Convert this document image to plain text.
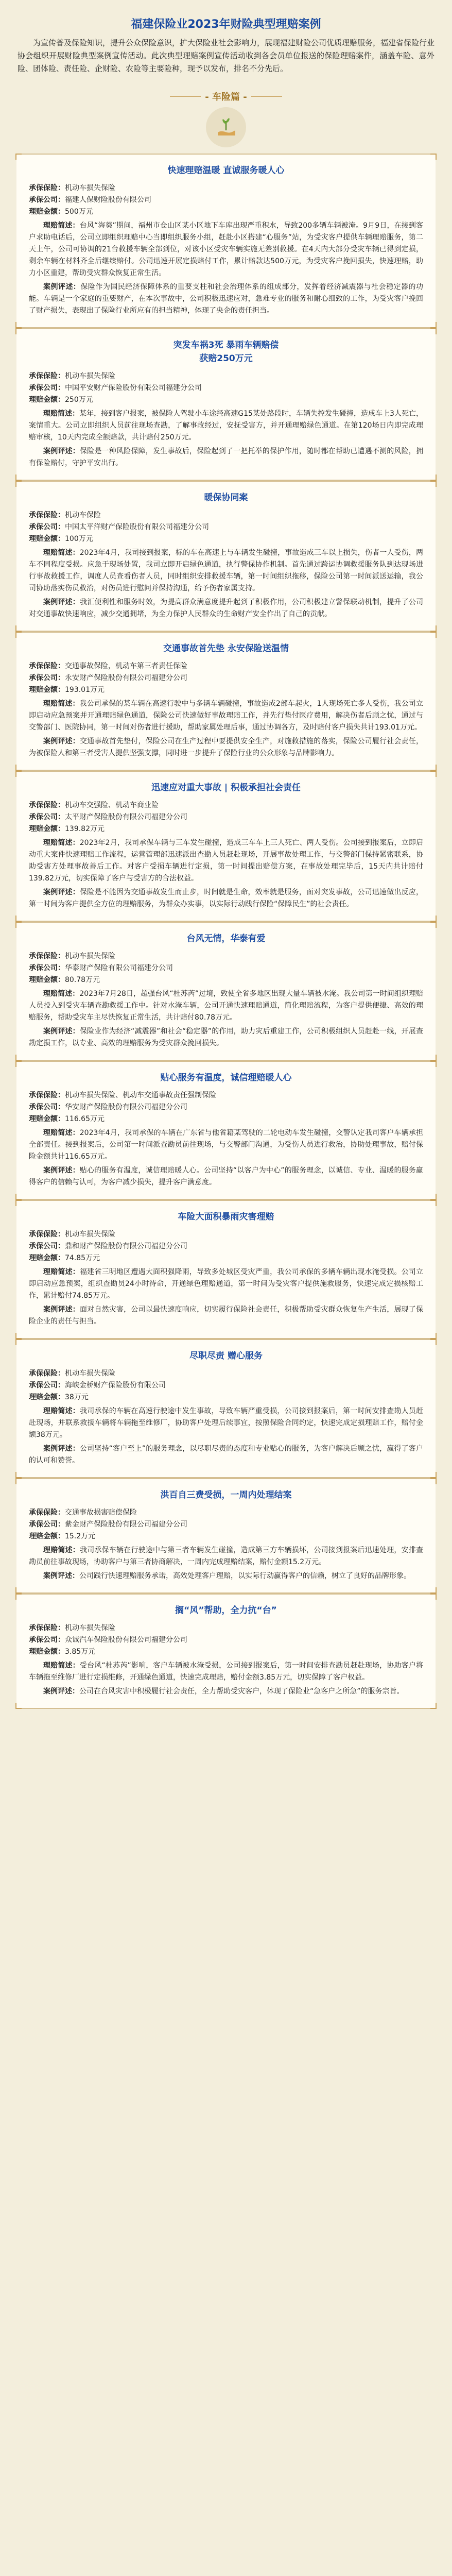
福建保险业2023年财险典型理赔案例

为宣传普及保险知识，提升公众保险意识，扩大保险业社会影响力，展现福建财险公司优质理赔服务，福建省保险行业协会组织开展财险典型案例宣传活动。此次典型理赔案例宣传活动收到各会员单位报送的保险理赔案件，涵盖车险、意外险、团体险、责任险、企财险、农险等主要险种，现予以发布，排名不分先后。

- 车险篇 -
快速理赔温暖 直诚服务暖人心
承保保险：机动车损失保险
承保公司：福建人保财险股份有限公司
理赔金额：500万元

理赔简述：台风“海葵”期间，福州市仓山区某小区地下车库出现严重积水，导致200多辆车辆被淹。9月9日，在接到客户求助电话后，公司立即组织理赔中心当即组织服务小组，赶赴小区搭建“心服务”站，为受灾客户提供车辆理赔服务，第二天上午，公司可协调的21台救援车辆全部到位，对该小区受灾车辆实施无差别救援。在4天内大部分受灾车辆已得到定损，剩余车辆在材料齐全后继续赔付。公司迅速开展定损赔付工作，累计赔款达500万元，为受灾客户挽回损失，快速理赔，助力小区重建，帮助受灾群众恢复正常生活。

案例评述：保险作为国民经济保障体系的重要支柱和社会治理体系的组成部分，发挥着经济减震器与社会稳定器的功能。车辆是一个家庭的重要财产，在本次事故中，公司积极迅速应对，急难专业的服务和耐心细致的工作，为受灾客户挽回了财产损失，表现出了保险行业所应有的担当精神，体现了央企的责任担当。

突发车祸3死 暴雨车辆赔偿
获赔250万元
承保保险：机动车损失保险
承保公司：中国平安财产保险股份有限公司福建分公司
理赔金额：250万元

理赔简述：某年，接到客户报案，被保险人驾驶小车途经高速G15某处路段时，车辆失控发生碰撞，造成车上3人死亡，案情重大。公司立即组织人员前往现场查勘，了解事故经过，安抚受害方，并开通理赔绿色通道。在第120场日内即完成理赔审核，10天内完成全额赔款，共计赔付250万元。

案例评述：保险是一种风险保障，发生事故后，保险起到了一把托举的保护作用，随时都在帮助已遭遇不测的风险，拥有保险赔付，守护平安出行。

暖保协同案
承保保险：机动车保险
承保公司：中国太平洋财产保险股份有限公司福建分公司
理赔金额：100万元

理赔简述：2023年4月，我司接到报案，标的车在高速上与车辆发生碰撞，事故造成三车以上损失，伤者一人受伤，两车不同程度受损。应急于现场处置，我司立即开启绿色通道，执行警保协作机制。首先通过跨运协调救援服务队到达现场进行事故救援工作，调度人员查看伤者人员，同时组织安排救援车辆，第一时间组织拖移，保险公司第一时间派送运输，我公司协助落实伤员救治，对伤员进行慰问并保持沟通，给予伤者家属支持。

案例评述：我汇便利性和服务时效，为提高群众满意度提升起到了积极作用，公司积极建立警保联动机制，提升了公司对交通事故快速响应，减少交通拥堵，为全力保护人民群众的生命财产安全作出了自己的贡献。

交通事故首先垫 永安保险送温情
承保保险：交通事故保险，机动车第三者责任保险
承保公司：永安财产保险股份有限公司福建分公司
理赔金额：193.01万元

理赔简述：我公司承保的某车辆在高速行驶中与多辆车辆碰撞，事故造成2部车起火，1人现场死亡多人受伤，我公司立即启动应急预案并开通理赔绿色通道，保险公司快速做好事故理赔工作，并先行垫付医疗费用，解决伤者后顾之忧，通过与交警部门、医院协同，第一时间对伤者进行援助，帮助家属处理后事，通过协调各方，及时赔付客户损失共计193.01万元。

案例评述：交通事故首先垫付，保险公司在生产过程中要提供安全生产，对施救措施的落实，保险公司履行社会责任，为被保险人和第三者受害人提供坚强支撑，同时进一步提升了保险行业的公众形象与品牌影响力。

迅速应对重大事故 | 积极承担社会责任
承保保险：机动车交强险、机动车商业险
承保公司：太平财产保险股份有限公司福建分公司
理赔金额：139.82万元

理赔简述：2023年2月，我司承保车辆与三车发生碰撞，造成三车车上三人死亡、两人受伤。公司接到报案后，立即启动重大案件快速理赔工作流程，运营管理部迅速派出查勘人员赶赴现场，开展事故处理工作，与交警部门保持紧密联系，协助受害方处理事故善后工作。对客户受损车辆进行定损，第一时间提出赔偿方案，在事故处理完毕后，15天内共计赔付139.82万元，切实保障了客户与受害方的合法权益。

案例评述：保险是不能因为交通事故发生而止步，时间就是生命，效率就是服务，面对突发事故，公司迅速做出反应，第一时间为客户提供全方位的理赔服务，为群众办实事，以实际行动践行保险“保障民生”的社会责任。

台风无情，华泰有爱
承保保险：机动车损失保险
承保公司：华泰财产保险有限公司福建分公司
理赔金额：80.78万元

理赔简述：2023年7月28日，超强台风“杜苏芮”过境，致使全省多地区出现大量车辆被水淹。我公司第一时间组织理赔人员投入到受灾车辆查勘救援工作中。针对水淹车辆，公司开通快速理赔通道，简化理赔流程，为客户提供便捷、高效的理赔服务，帮助受灾车主尽快恢复正常生活，共计赔付80.78万元。

案例评述：保险业作为经济“减震器”和社会“稳定器”的作用，助力灾后重建工作，公司积极组织人员赶赴一线，开展查勘定损工作，以专业、高效的理赔服务为受灾群众挽回损失。

贴心服务有温度，诚信理赔暖人心
承保保险：机动车损失保险、机动车交通事故责任强制保险
承保公司：华安财产保险股份有限公司福建分公司
理赔金额：116.65万元

理赔简述：2023年4月，我司承保的车辆在广东省与他省籍某驾驶的二轮电动车发生碰撞，交警认定我司客户车辆承担全部责任。接到报案后，公司第一时间派查勘员前往现场，与交警部门沟通，为受伤人员进行救治，协助处理事故，赔付保险金额共计116.65万元。

案例评述：贴心的服务有温度，诚信理赔暖人心。公司坚持“以客户为中心”的服务理念，以诚信、专业、温暖的服务赢得客户的信赖与认可，为客户减少损失，提升客户满意度。

车险大面积暴雨灾害理赔
承保保险：机动车损失保险
承保公司：鼎和财产保险股份有限公司福建分公司
理赔金额：74.85万元

理赔简述：福建省三明地区遭遇大面积强降雨，导致多处城区受灾严重，我公司承保的多辆车辆出现水淹受损。公司立即启动应急预案，组织查勘员24小时待命，开通绿色理赔通道，第一时间为受灾客户提供施救服务，快速完成定损核赔工作，累计赔付74.85万元。

案例评述：面对自然灾害，公司以最快速度响应，切实履行保险社会责任，积极帮助受灾群众恢复生产生活，展现了保险企业的责任与担当。

尽职尽责 赠心服务
承保保险：机动车损失保险
承保公司：海峡金桥财产保险股份有限公司
理赔金额：38万元

理赔简述：我司承保的车辆在高速行驶途中发生事故，导致车辆严重受损，公司接到报案后，第一时间安排查勘人员赶赴现场，并联系救援车辆将车辆拖至维修厂，协助客户处理后续事宜，按照保险合同约定，快速完成定损理赔工作，赔付金额38万元。

案例评述：公司坚持“客户至上”的服务理念，以尽职尽责的态度和专业贴心的服务，为客户解决后顾之忧，赢得了客户的认可和赞誉。

洪百自三费受损，一周内处理结案
承保保险：交通事故损害赔偿保险
承保公司：紫金财产保险股份有限公司福建分公司
理赔金额：15.2万元

理赔简述：我司承保车辆在行驶途中与第三者车辆发生碰撞，造成第三方车辆损坏，公司接到报案后迅速处理，安排查勘员前往事故现场，协助客户与第三者协商解决，一周内完成理赔结案，赔付金额15.2万元。

案例评述：公司践行快速理赔服务承诺，高效处理客户理赔，以实际行动赢得客户的信赖，树立了良好的品牌形象。

搁“风”帮助，全力抗“台”
承保保险：机动车损失保险
承保公司：众诚汽车保险股份有限公司福建分公司
理赔金额：3.85万元

理赔简述：受台风“杜苏芮”影响，客户车辆被水淹受损，公司接到报案后，第一时间安排查勘员赶赴现场，协助客户将车辆拖至维修厂进行定损维修，开通绿色通道，快速完成理赔，赔付金额3.85万元，切实保障了客户权益。

案例评述：公司在台风灾害中积极履行社会责任，全力帮助受灾客户，体现了保险业“急客户之所急”的服务宗旨。
